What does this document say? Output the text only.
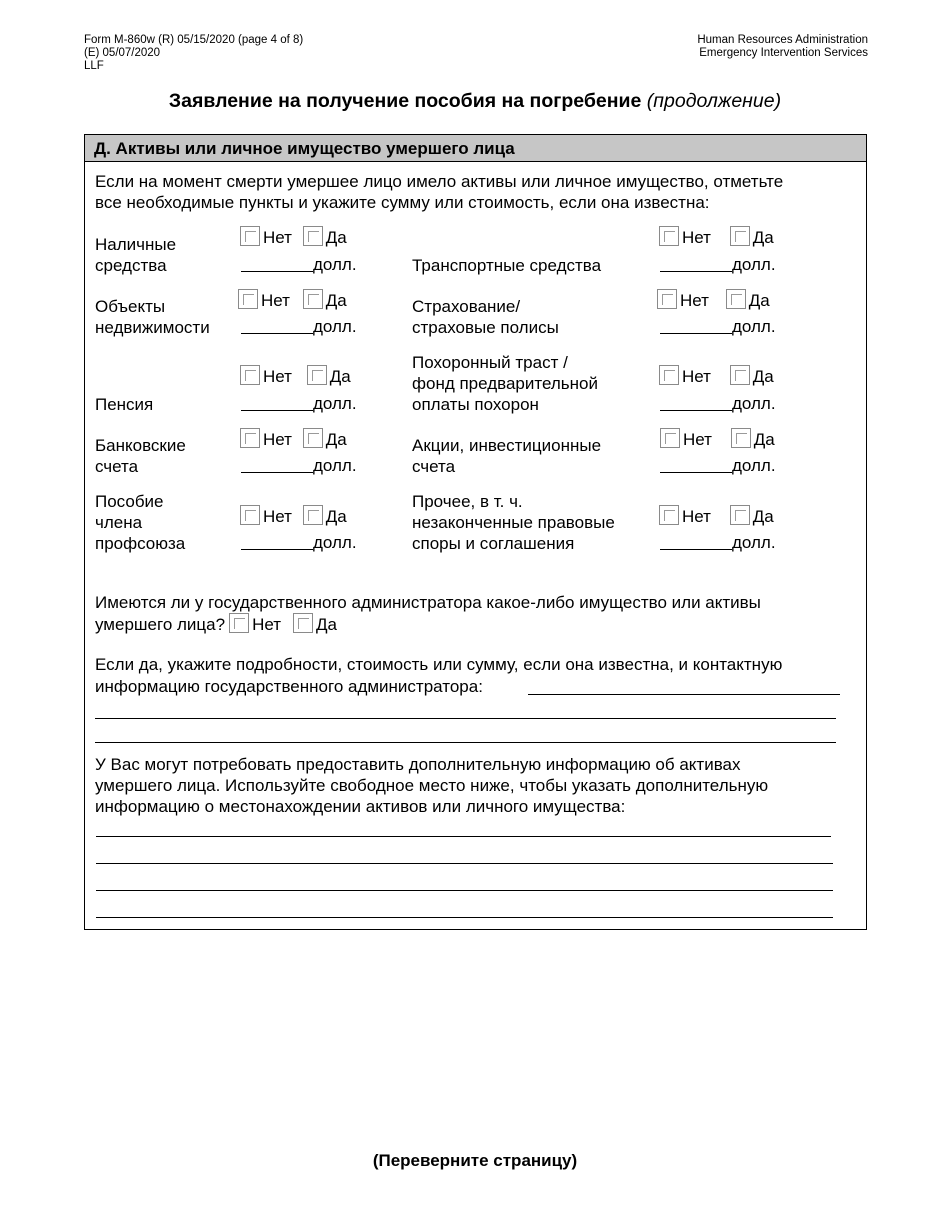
Form M-860w (R) 05/15/2020 (page 4 of 8)
(E) 05/07/2020
LLF
Human Resources Administration
Emergency Intervention Services
Заявление на получение пособия на погребение (продолжение)
Д. Активы или личное имущество умершего лица
Если на момент смерти умершее лицо имело активы или личное имущество, отметьте
все необходимые пункты и укажите сумму или стоимость, если она известна:
Наличные
средства
Нет Да
долл.
Объекты
недвижимости
Нет Да
долл.
Пенсия
Нет Да
долл.
Банковские
счета
Нет Да
долл.
Пособие
члена
профсоюза
Нет Да
долл.
Транспортные средства
Нет Да
долл.
Страхование/
страховые полисы
Нет Да
долл.
Похоронный траст /
фонд предварительной
оплаты похорон
Нет Да
долл.
Акции, инвестиционные
счета
Нет Да
долл.
Прочее, в т. ч.
незаконченные правовые
споры и соглашения
Нет Да
долл.
Имеются ли у государственного администратора какое-либо имущество или активы
умершего лица? Нет Да
Если да, укажите подробности, стоимость или сумму, если она известна, и контактную
информацию государственного администратора:
У Вас могут потребовать предоставить дополнительную информацию об активах
умершего лица. Используйте свободное место ниже, чтобы указать дополнительную
информацию о местонахождении активов или личного имущества:
(Переверните страницу)
